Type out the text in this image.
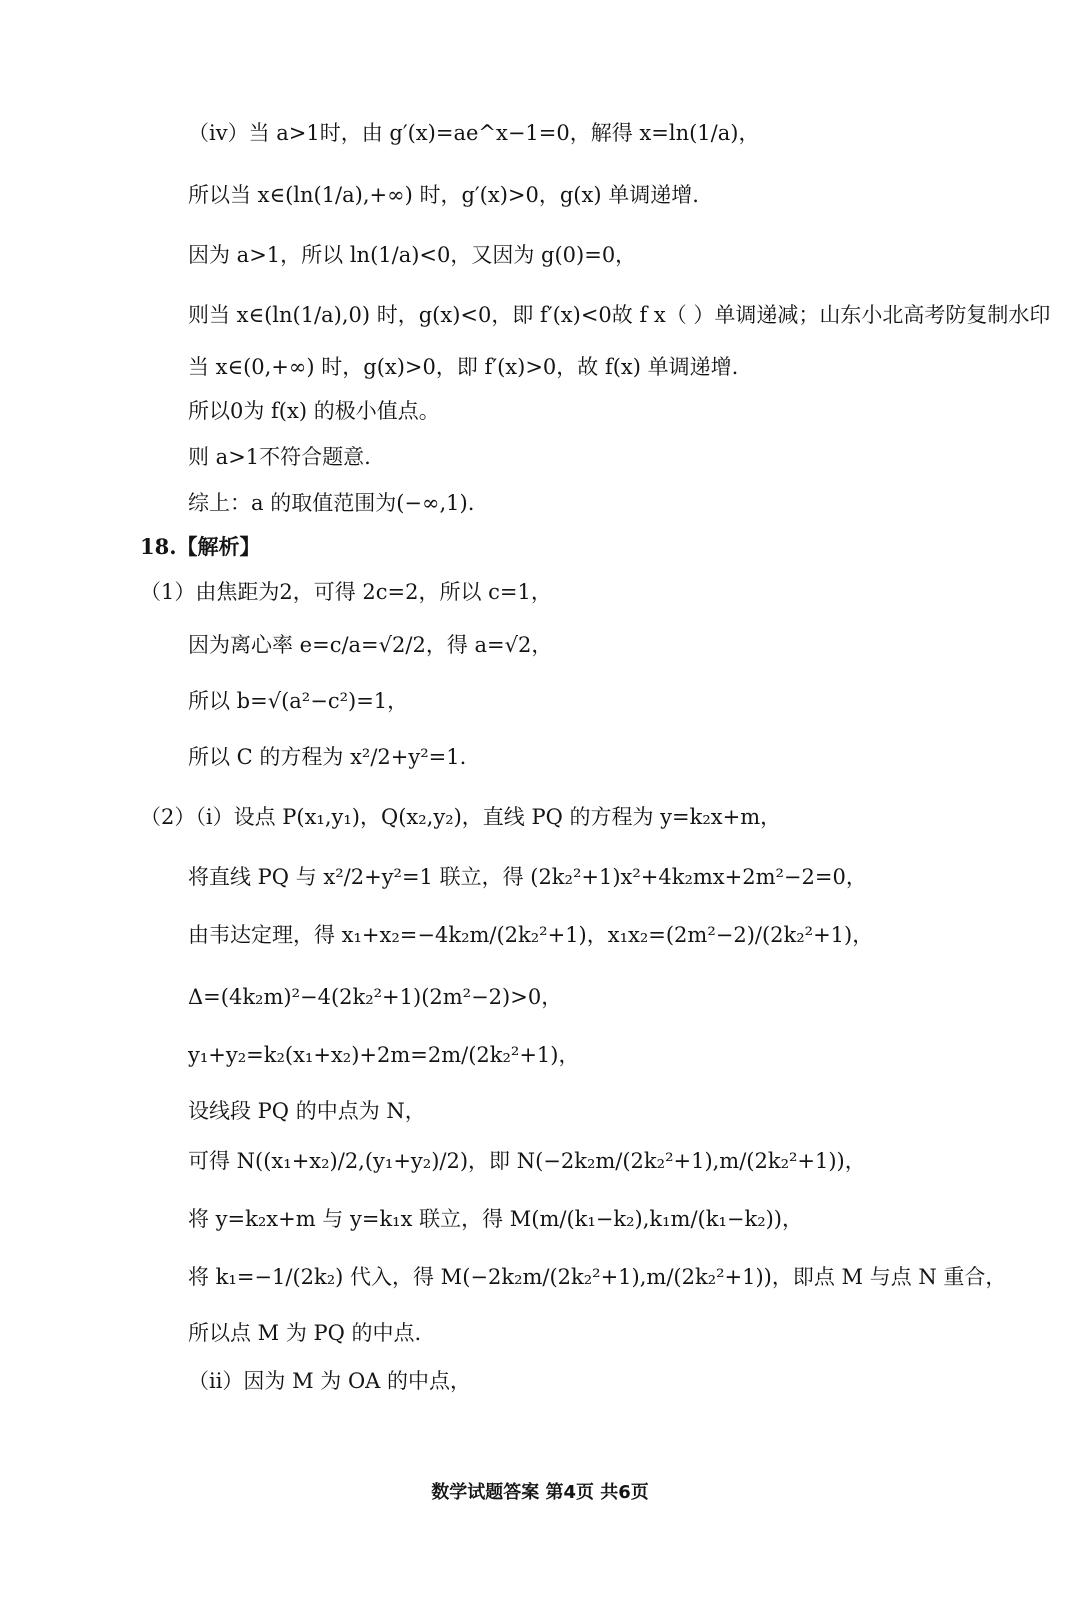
（iv）当 a>1时，由 g′(x)=ae^x−1=0，解得 x=ln(1/a)，
所以当 x∈(ln(1/a),+∞) 时，g′(x)>0，g(x) 单调递增.
因为 a>1，所以 ln(1/a)<0，又因为 g(0)=0，
则当 x∈(ln(1/a),0) 时，g(x)<0，即 f′(x)<0故 f x（ ）单调递减；山东小北高考防复制水印
当 x∈(0,+∞) 时，g(x)>0，即 f′(x)>0，故 f(x) 单调递增.
所以0为 f(x) 的极小值点。
则 a>1不符合题意.
综上：a 的取值范围为(−∞,1).
18.【解析】
（1）由焦距为2，可得 2c=2，所以 c=1，
因为离心率 e=c/a=√2/2，得 a=√2，
所以 b=√(a²−c²)=1，
所以 C 的方程为 x²/2+y²=1.
（2）（i）设点 P(x₁,y₁)，Q(x₂,y₂)，直线 PQ 的方程为 y=k₂x+m，
将直线 PQ 与 x²/2+y²=1 联立，得 (2k₂²+1)x²+4k₂mx+2m²−2=0，
由韦达定理，得 x₁+x₂=−4k₂m/(2k₂²+1)，x₁x₂=(2m²−2)/(2k₂²+1)，
Δ=(4k₂m)²−4(2k₂²+1)(2m²−2)>0，
y₁+y₂=k₂(x₁+x₂)+2m=2m/(2k₂²+1)，
设线段 PQ 的中点为 N，
可得 N((x₁+x₂)/2,(y₁+y₂)/2)，即 N(−2k₂m/(2k₂²+1),m/(2k₂²+1))，
将 y=k₂x+m 与 y=k₁x 联立，得 M(m/(k₁−k₂),k₁m/(k₁−k₂))，
将 k₁=−1/(2k₂) 代入，得 M(−2k₂m/(2k₂²+1),m/(2k₂²+1))，即点 M 与点 N 重合，
所以点 M 为 PQ 的中点.
（ii）因为 M 为 OA 的中点，
数学试题答案 第4页 共6页
